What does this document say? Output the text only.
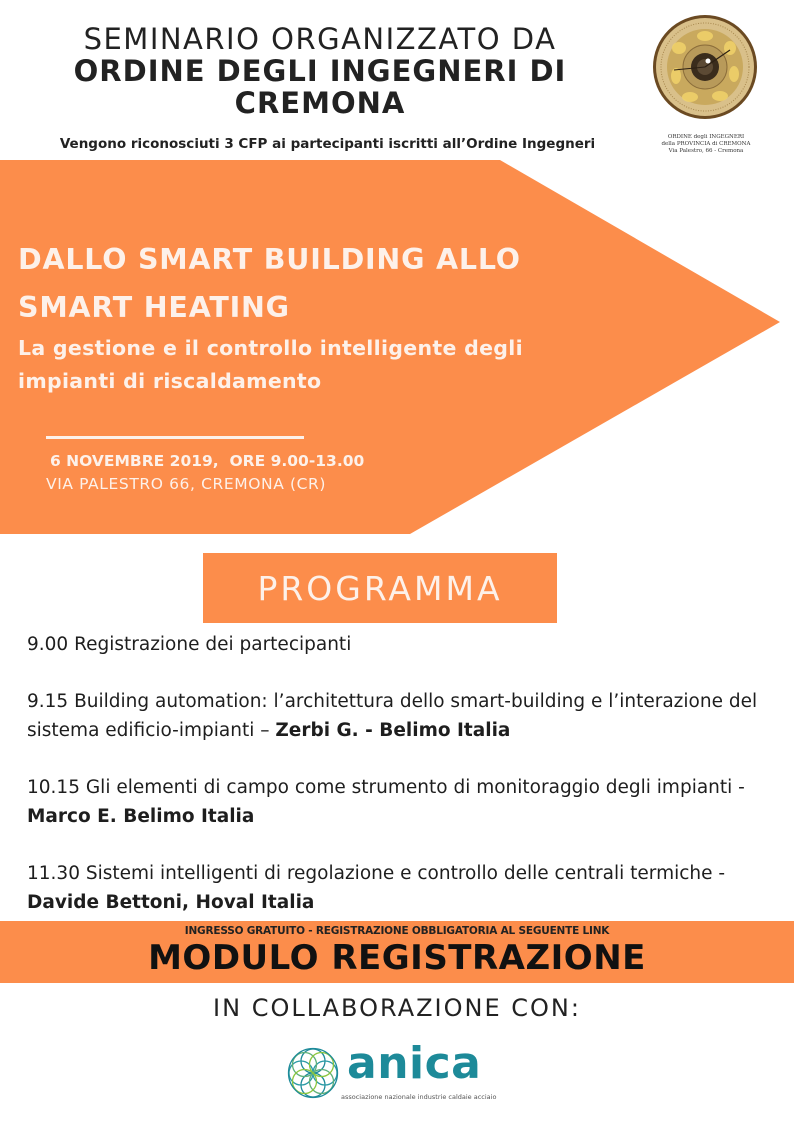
SEMINARIO ORGANIZZATO DA
ORDINE DEGLI INGEGNERI DI
CREMONA
Vengono riconosciuti 3 CFP ai partecipanti iscritti all’Ordine Ingegneri	ORDINE degli INGEGNERI
della PROVINCIA di CREMONA
Via Palestro, 66 - Cremona
DALLO SMART BUILDING ALLO
SMART HEATING
La gestione e il controllo intelligente degli
impianti di riscaldamento
6 NOVEMBRE 2019,  ORE 9.00-13.00
VIA PALESTRO 66, CREMONA (CR)
PROGRAMMA
9.00 Registrazione dei partecipanti
9.15 Building automation: l’architettura dello smart-building e l’interazione del sistema edificio-impianti – Zerbi G. - Belimo Italia
10.15 Gli elementi di campo come strumento di monitoraggio degli impianti - Marco E. Belimo Italia
11.30 Sistemi intelligenti di regolazione e controllo delle centrali termiche - Davide Bettoni, Hoval Italia
INGRESSO GRATUITO - REGISTRAZIONE OBBLIGATORIA AL SEGUENTE LINK
MODULO REGISTRAZIONE
IN COLLABORAZIONE CON:
anica
associazione nazionale industrie caldaie acciaio
